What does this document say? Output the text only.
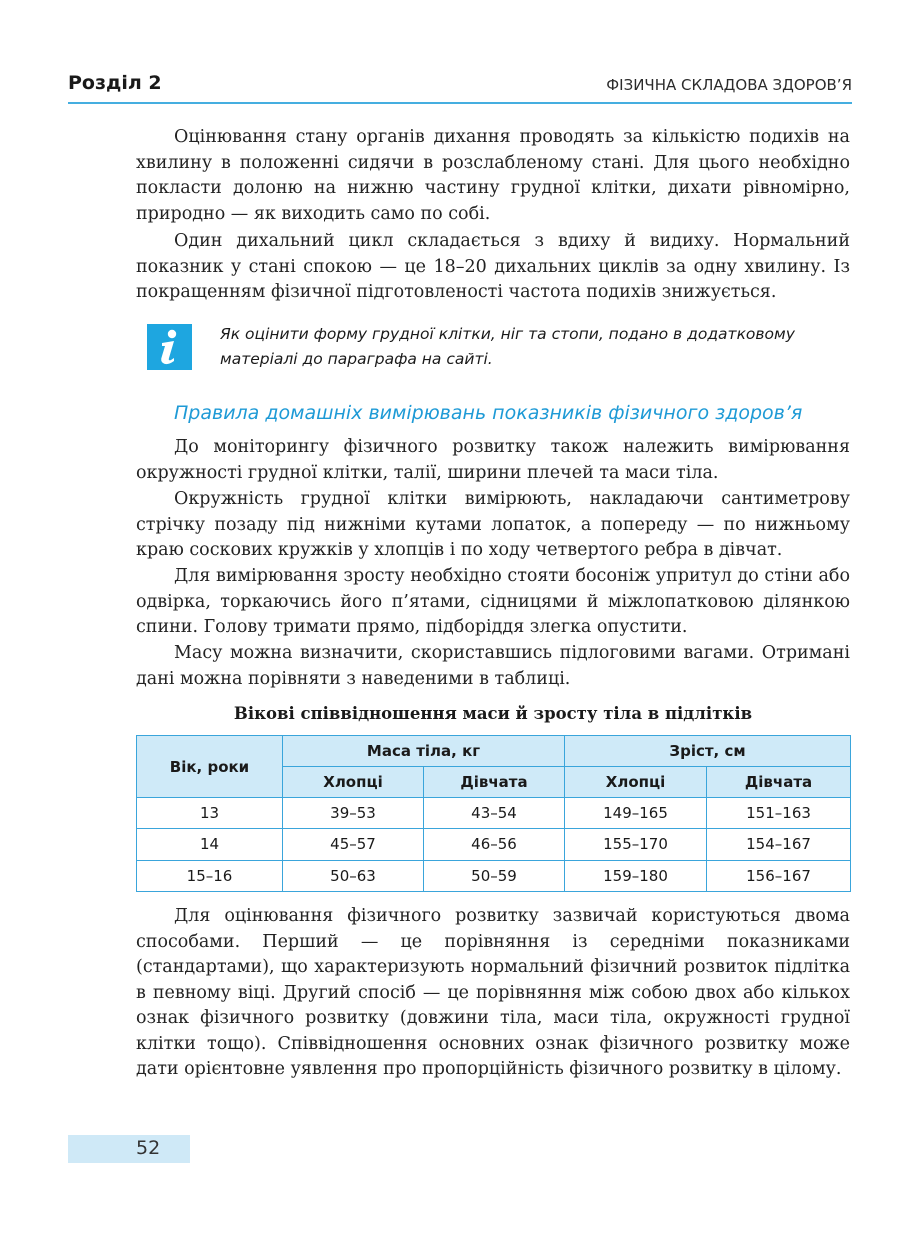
Розділ 2	ФІЗИЧНА СКЛАДОВА ЗДОРОВ’Я

Оцінювання стану органів дихання проводять за кількістю подихів на хвилину в положенні сидячи в розслабленому стані. Для цього необхідно покласти долоню на нижню частину грудної клітки, дихати рівномірно, природно — як виходить само по собі.

Один дихальний цикл складається з вдиху й видиху. Нормальний показник у стані спокою — це 18–20 дихальних циклів за одну хвилину. Із покращенням фізичної підготовленості частота подихів знижується.

Як оцінити форму грудної клітки, ніг та стопи, подано в додатковому матеріалі до параграфа на сайті.
Правила домашніх вимірювань показників фізичного здоров’я

До моніторингу фізичного розвитку також належить вимірювання окружності грудної клітки, талії, ширини плечей та маси тіла.

Окружність грудної клітки вимірюють, накладаючи сантиметрову стрічку позаду під нижніми кутами лопаток, а попереду — по нижньому краю соскових кружків у хлопців і по ходу четвертого ребра в дівчат.

Для вимірювання зросту необхідно стояти босоніж упритул до стіни або одвірка, торкаючись його п’ятами, сідницями й міжлопатковою ділянкою спини. Голову тримати прямо, підборіддя злегка опустити.

Масу можна визначити, скориставшись підлоговими вагами. Отримані дані можна порівняти з наведеними в таблиці.

Вікові співвідношення маси й зросту тіла в підлітків
Вік, роки	Маса тіла, кг		Зріст, см	
	Хлопці	Дівчата	Хлопці	Дівчата
13	39–53	43–54	149–165	151–163
14	45–57	46–56	155–170	154–167
15–16	50–63	50–59	159–180	156–167

Для оцінювання фізичного розвитку зазвичай користуються двома способами. Перший — це порівняння із середніми показниками (стандартами), що характеризують нормальний фізичний розвиток підлітка в певному віці. Другий спосіб — це порівняння між собою двох або кількох ознак фізичного розвитку (довжини тіла, маси тіла, окружності грудної клітки тощо). Співвідношення основних ознак фізичного розвитку може дати орієнтовне уявлення про пропорційність фізичного розвитку в цілому.

52
